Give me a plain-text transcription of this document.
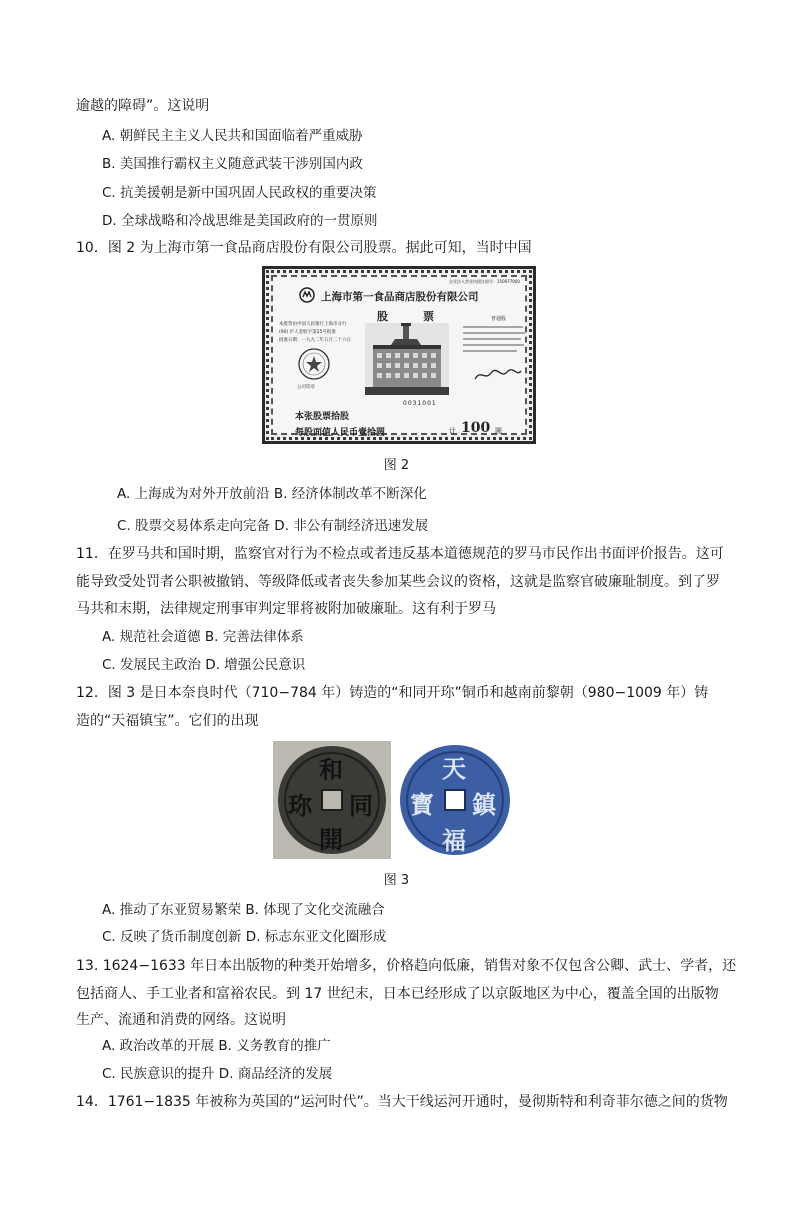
逾越的障碍”。这说明
A. 朝鲜民主主义人民共和国面临着严重威胁
B. 美国推行霸权主义随意武装干涉别国内政
C. 抗美援朝是新中国巩固人民政权的重要决策
D. 全球战略和冷战思维是美国政府的一贯原则
10．图 2 为上海市第一食品商店股份有限公司股票。据此可知，当时中国
企业法人营业执照注册号：150077900
上海市第一食品商店股份有限公司
股	票	普通股
本股票由中国人民银行上海市分行
(90) 沪人金股字第25号批准
批准日期：一九九二年五月二十六日
公司印章
0031001
本张股票拾股
每股面值人民币壹拾圆	计 100 圆
图 2
A. 上海成为对外开放前沿 B. 经济体制改革不断深化
C. 股票交易体系走向完备 D. 非公有制经济迅速发展
11．在罗马共和国时期，监察官对行为不检点或者违反基本道德规范的罗马市民作出书面评价报告。这可
能导致受处罚者公职被撤销、等级降低或者丧失参加某些会议的资格，这就是监察官破廉耻制度。到了罗
马共和末期，法律规定刑事审判定罪将被附加破廉耻。这有利于罗马
A. 规范社会道德 B. 完善法律体系
C. 发展民主政治 D. 增强公民意识
12．图 3 是日本奈良时代（710−784 年）铸造的“和同开珎”铜币和越南前黎朝（980−1009 年）铸
造的“天福镇宝”。它们的出现
和
同
開
珎
天
鎮
福
寳
图 3
A. 推动了东亚贸易繁荣 B. 体现了文化交流融合
C. 反映了货币制度创新 D. 标志东亚文化圈形成
13. 1624−1633 年日本出版物的种类开始增多，价格趋向低廉，销售对象不仅包含公卿、武士、学者，还
包括商人、手工业者和富裕农民。到 17 世纪末，日本已经形成了以京阪地区为中心，覆盖全国的出版物
生产、流通和消费的网络。这说明
A. 政治改革的开展 B. 义务教育的推广
C. 民族意识的提升 D. 商品经济的发展
14．1761−1835 年被称为英国的“运河时代”。当大干线运河开通时，曼彻斯特和利奇菲尔德之间的货物
